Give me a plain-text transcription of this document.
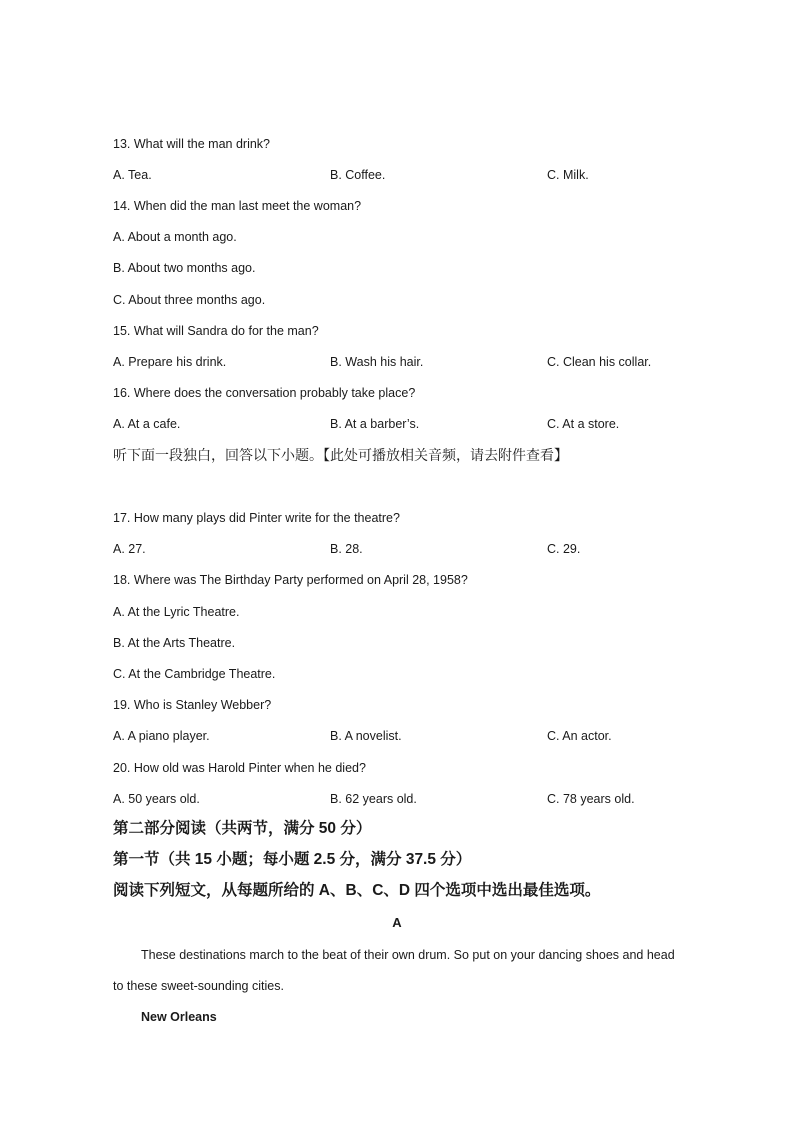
13. What will the man drink?
A. Tea.	B. Coffee.	C. Milk.
14. When did the man last meet the woman?
A. About a month ago.
B. About two months ago.
C. About three months ago.
15. What will Sandra do for the man?
A. Prepare his drink.	B. Wash his hair.	C. Clean his collar.
16. Where does the conversation probably take place?
A. At a cafe.	B. At a barber’s.	C. At a store.
听下面一段独白，回答以下小题。【此处可播放相关音频，请去附件查看】
17. How many plays did Pinter write for the theatre?
A. 27.	B. 28.	C. 29.
18. Where was The Birthday Party performed on April 28, 1958?
A. At the Lyric Theatre.
B. At the Arts Theatre.
C. At the Cambridge Theatre.
19. Who is Stanley Webber?
A. A piano player.	B. A novelist.	C. An actor.
20. How old was Harold Pinter when he died?
A. 50 years old.	B. 62 years old.	C. 78 years old.
第二部分阅读（共两节，满分 50 分）
第一节（共 15 小题；每小题 2.5 分，满分 37.5 分）
阅读下列短文，从每题所给的 A、B、C、D 四个选项中选出最佳选项。
A
These destinations march to the beat of their own drum. So put on your dancing shoes and head
to these sweet-sounding cities.
New Orleans
